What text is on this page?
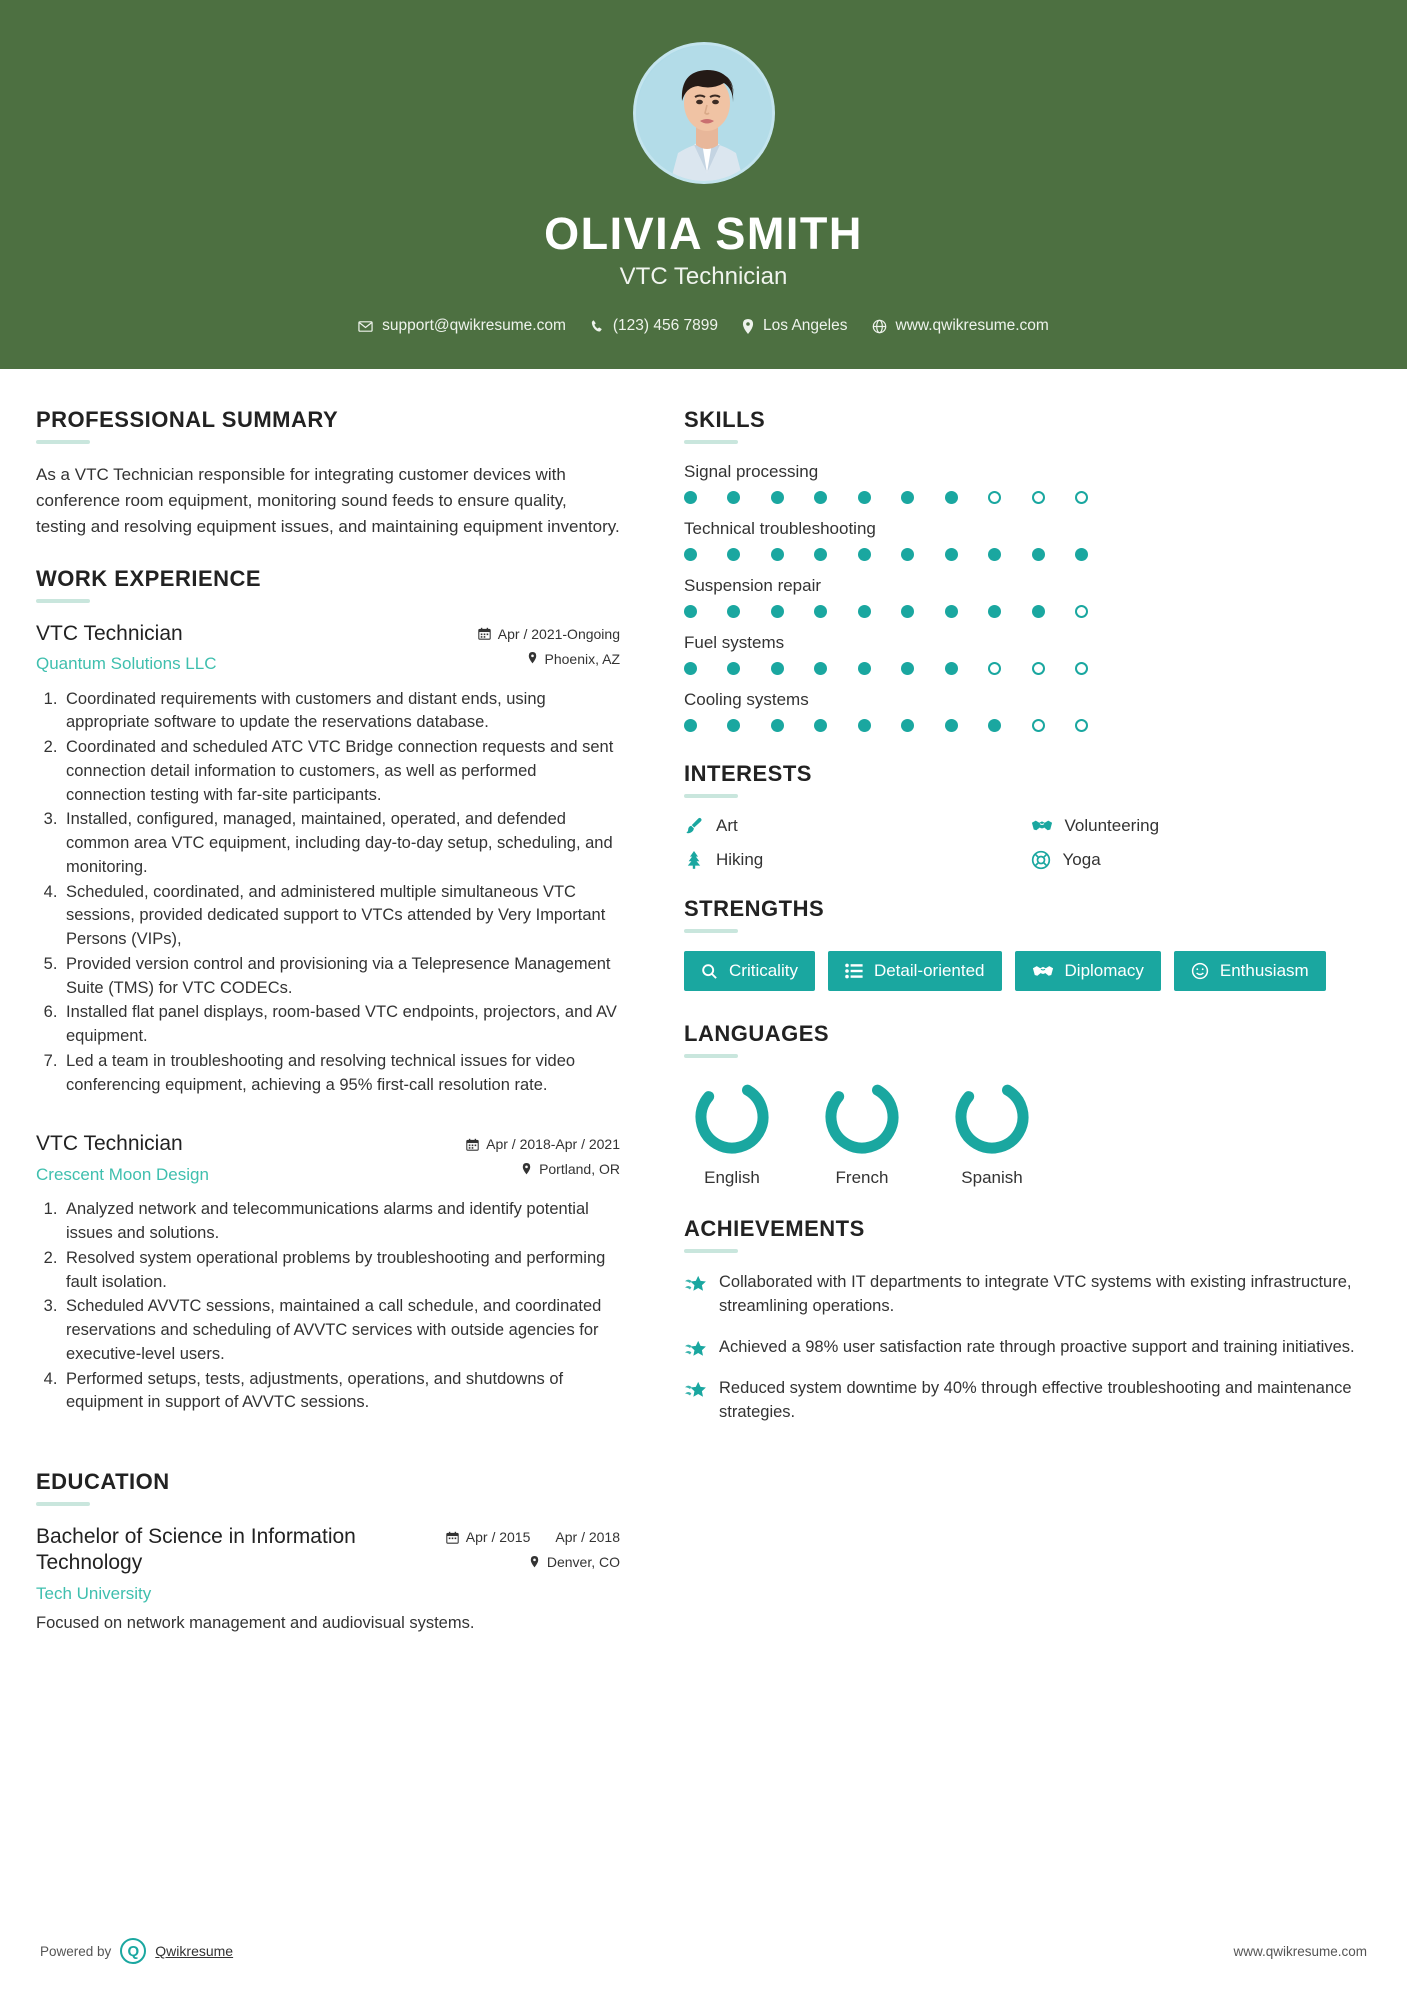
OLIVIA SMITH
VTC Technician
support@qwikresume.com	(123) 456 7899	Los Angeles	www.qwikresume.com
PROFESSIONAL SUMMARY
As a VTC Technician responsible for integrating customer devices with conference room equipment, monitoring sound feeds to ensure quality, testing and resolving equipment issues, and maintaining equipment inventory.
WORK EXPERIENCE
VTC Technician
Quantum Solutions LLC
Apr / 2021-Ongoing
Phoenix, AZ
1. Coordinated requirements with customers and distant ends, using appropriate software to update the reservations database.
2. Coordinated and scheduled ATC VTC Bridge connection requests and sent connection detail information to customers, as well as performed connection testing with far-site participants.
3. Installed, configured, managed, maintained, operated, and defended common area VTC equipment, including day-to-day setup, scheduling, and monitoring.
4. Scheduled, coordinated, and administered multiple simultaneous VTC sessions, provided dedicated support to VTCs attended by Very Important Persons (VIPs),
5. Provided version control and provisioning via a Telepresence Management Suite (TMS) for VTC CODECs.
6. Installed flat panel displays, room-based VTC endpoints, projectors, and AV equipment.
7. Led a team in troubleshooting and resolving technical issues for video conferencing equipment, achieving a 95% first-call resolution rate.
VTC Technician
Crescent Moon Design
Apr / 2018-Apr / 2021
Portland, OR
1. Analyzed network and telecommunications alarms and identify potential issues and solutions.
2. Resolved system operational problems by troubleshooting and performing fault isolation.
3. Scheduled AVVTC sessions, maintained a call schedule, and coordinated reservations and scheduling of AVVTC services with outside agencies for executive-level users.
4. Performed setups, tests, adjustments, operations, and shutdowns of equipment in support of AVVTC sessions.
EDUCATION
Bachelor of Science in Information Technology
Tech University
Apr / 2015 Apr / 2018
Denver, CO
Focused on network management and audiovisual systems.
SKILLS
Signal processing
Technical troubleshooting
Suspension repair
Fuel systems
Cooling systems
INTERESTS
Art	Volunteering
Hiking	Yoga
STRENGTHS
Criticality	Detail-oriented	Diplomacy	Enthusiasm
LANGUAGES
English	French	Spanish
ACHIEVEMENTS
Collaborated with IT departments to integrate VTC systems with existing infrastructure, streamlining operations.
Achieved a 98% user satisfaction rate through proactive support and training initiatives.
Reduced system downtime by 40% through effective troubleshooting and maintenance strategies.
Powered by	Q	Qwikresume	www.qwikresume.com
